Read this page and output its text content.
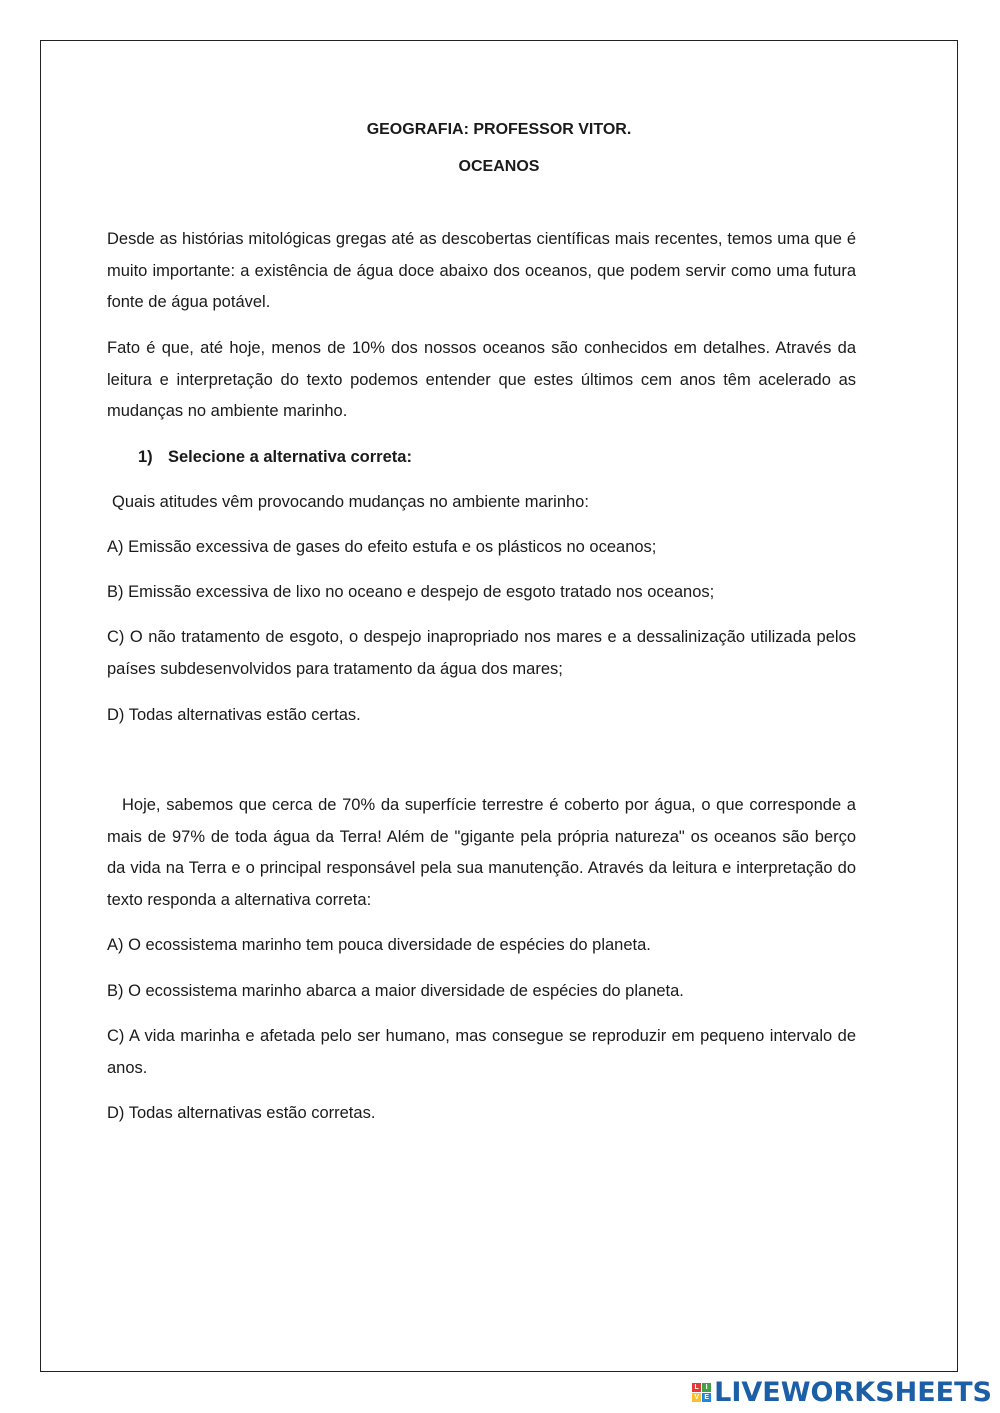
GEOGRAFIA: PROFESSOR VITOR.
OCEANOS
Desde as histórias mitológicas gregas até as descobertas científicas mais recentes, temos uma que é muito importante: a existência de água doce abaixo dos oceanos, que podem servir como uma futura fonte de água potável.
Fato é que, até hoje, menos de 10% dos nossos oceanos são conhecidos em detalhes. Através da leitura e interpretação do texto podemos entender que estes últimos cem anos têm acelerado as mudanças no ambiente marinho.
1) Selecione a alternativa correta:
Quais atitudes vêm provocando mudanças no ambiente marinho:
A) Emissão excessiva de gases do efeito estufa e os plásticos no oceanos;
B) Emissão excessiva de lixo no oceano e despejo de esgoto tratado nos oceanos;
C) O não tratamento de esgoto, o despejo inapropriado nos mares e a dessalinização utilizada pelos países subdesenvolvidos para tratamento da água dos mares;
D) Todas alternativas estão certas.
Hoje, sabemos que cerca de 70% da superfície terrestre é coberto por água, o que corresponde a mais de 97% de toda água da Terra! Além de "gigante pela própria natureza" os oceanos são berço da vida na Terra e o principal responsável pela sua manutenção. Através da leitura e interpretação do texto responda a alternativa correta:
A) O ecossistema marinho tem pouca diversidade de espécies do planeta.
B) O ecossistema marinho abarca a maior diversidade de espécies do planeta.
C) A vida marinha e afetada pelo ser humano, mas consegue se reproduzir em pequeno intervalo de anos.
D) Todas alternativas estão corretas.
L I
V E LIVEWORKSHEETS
